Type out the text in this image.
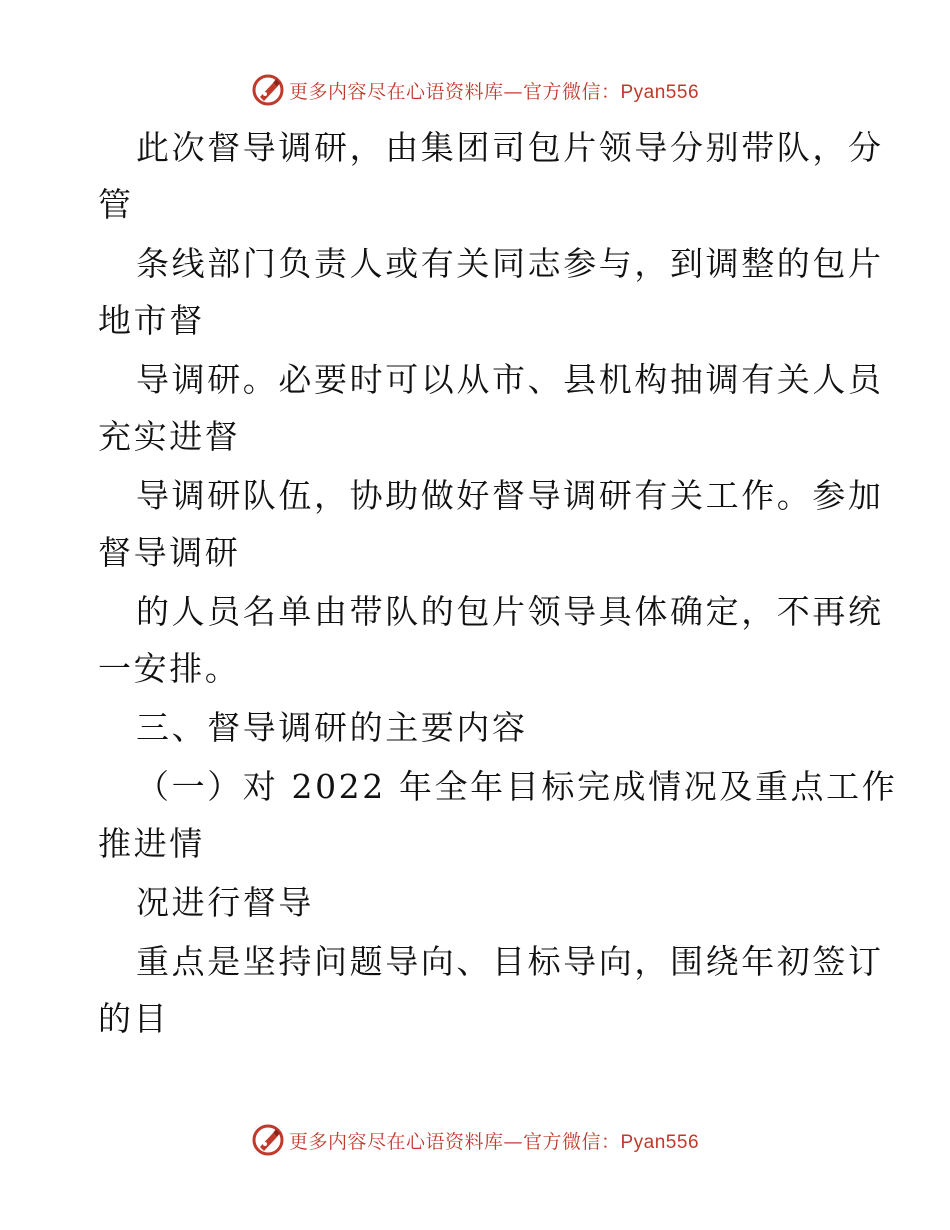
更多内容尽在心语资料库—官方微信：Pyan556
此次督导调研，由集团司包片领导分别带队，分
管
条线部门负责人或有关同志参与，到调整的包片
地市督
导调研。必要时可以从市、县机构抽调有关人员
充实进督
导调研队伍，协助做好督导调研有关工作。参加
督导调研
的人员名单由带队的包片领导具体确定，不再统
一安排。
三、督导调研的主要内容
（一）对 2022 年全年目标完成情况及重点工作
推进情
况进行督导
重点是坚持问题导向、目标导向，围绕年初签订
的目
更多内容尽在心语资料库—官方微信：Pyan556
